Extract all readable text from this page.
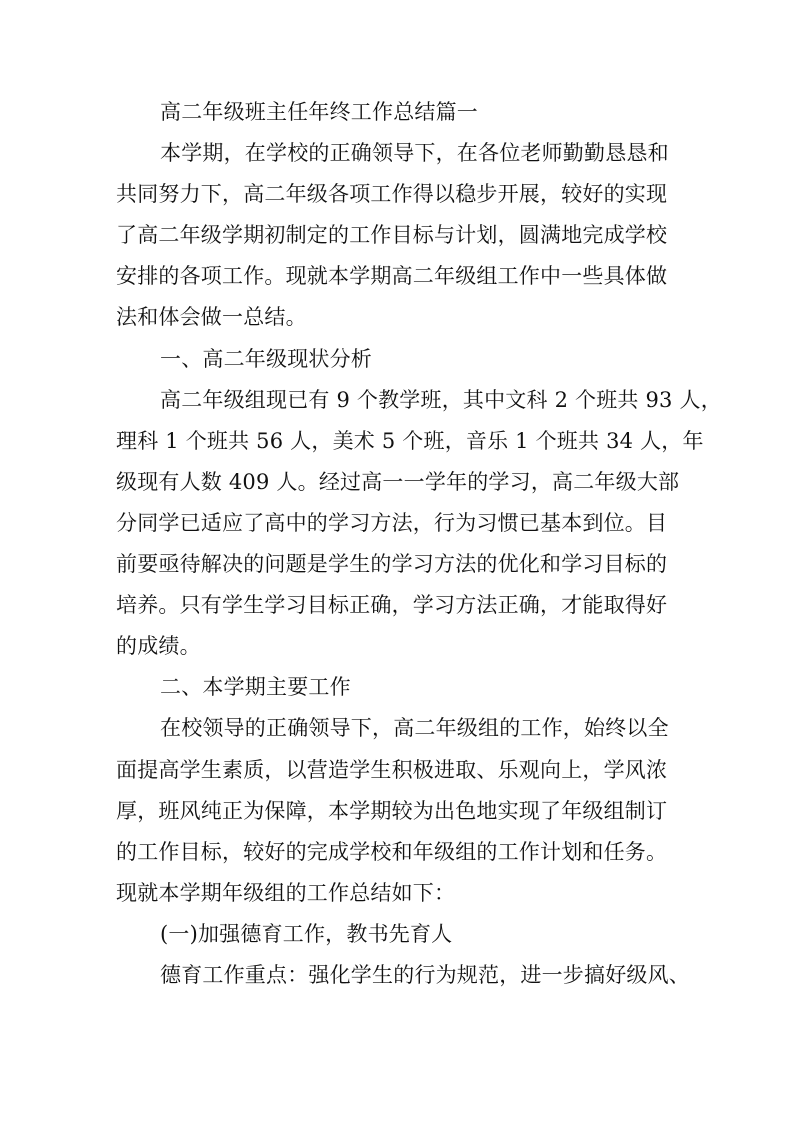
高二年级班主任年终工作总结篇一
本学期，在学校的正确领导下，在各位老师勤勤恳恳和
共同努力下，高二年级各项工作得以稳步开展，较好的实现
了高二年级学期初制定的工作目标与计划，圆满地完成学校
安排的各项工作。现就本学期高二年级组工作中一些具体做
法和体会做一总结。
一、高二年级现状分析
高二年级组现已有 9 个教学班，其中文科 2 个班共 93 人，
理科 1 个班共 56 人，美术 5 个班，音乐 1 个班共 34 人，年
级现有人数 409 人。经过高一一学年的学习，高二年级大部
分同学已适应了高中的学习方法，行为习惯已基本到位。目
前要亟待解决的问题是学生的学习方法的优化和学习目标的
培养。只有学生学习目标正确，学习方法正确，才能取得好
的成绩。
二、本学期主要工作
在校领导的正确领导下，高二年级组的工作，始终以全
面提高学生素质，以营造学生积极进取、乐观向上，学风浓
厚，班风纯正为保障，本学期较为出色地实现了年级组制订
的工作目标，较好的完成学校和年级组的工作计划和任务。
现就本学期年级组的工作总结如下：
(一)加强德育工作，教书先育人
德育工作重点：强化学生的行为规范，进一步搞好级风、
